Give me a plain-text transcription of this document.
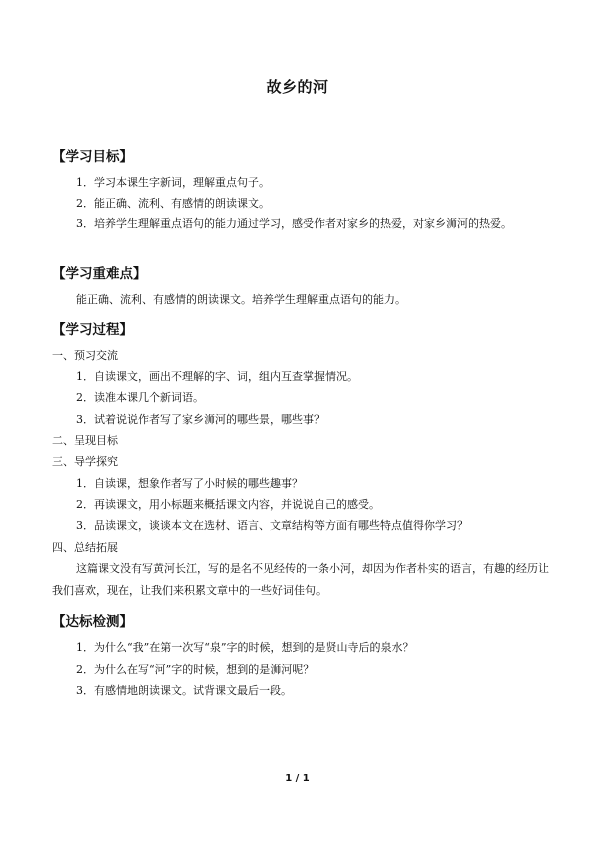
故乡的河
【学习目标】
1．学习本课生字新词，理解重点句子。
2．能正确、流利、有感情的朗读课文。
3．培养学生理解重点语句的能力通过学习，感受作者对家乡的热爱，对家乡浉河的热爱。
【学习重难点】
能正确、流利、有感情的朗读课文。培养学生理解重点语句的能力。
【学习过程】
一、预习交流
1．自读课文，画出不理解的字、词，组内互查掌握情况。
2．读准本课几个新词语。
3．试着说说作者写了家乡浉河的哪些景，哪些事？
二、呈现目标
三、导学探究
1．自读课，想象作者写了小时候的哪些趣事？
2．再读课文，用小标题来概括课文内容，并说说自己的感受。
3．品读课文，谈谈本文在选材、语言、文章结构等方面有哪些特点值得你学习？
四、总结拓展
这篇课文没有写黄河长江，写的是名不见经传的一条小河，却因为作者朴实的语言，有趣的经历让我们喜欢，现在，让我们来积累文章中的一些好词佳句。
【达标检测】
1．为什么“我”在第一次写“泉”字的时候，想到的是贤山寺后的泉水？
2．为什么在写“河”字的时候，想到的是浉河呢？
3．有感情地朗读课文。试背课文最后一段。
1 / 1
